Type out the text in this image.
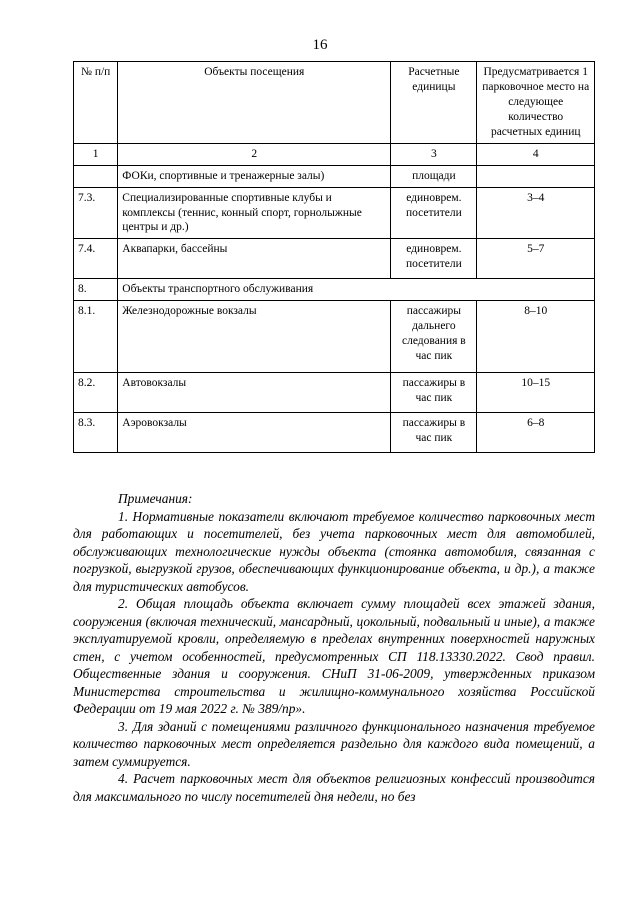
16
№ п/п	Объекты посещения	Расчетные единицы	Предусматривается 1 парковочное место на следующее количество расчетных единиц
1	2	3	4
	ФОКи, спортивные и тренажерные залы)	площади	
7.3.	Специализированные спортивные клубы и комплексы (теннис, конный спорт, горнолыжные центры и др.)	единоврем. посетители	3–4
7.4.	Аквапарки, бассейны	единоврем. посетители	5–7
8.	Объекты транспортного обслуживания		
8.1.	Железнодорожные вокзалы	пассажиры дальнего следования в час пик	8–10
8.2.	Автовокзалы	пассажиры в час пик	10–15
8.3.	Аэровокзалы	пассажиры в час пик	6–8

Примечания:

1. Нормативные показатели включают требуемое количество парковочных мест для работающих и посетителей, без учета парковочных мест для автомобилей, обслуживающих технологические нужды объекта (стоянка автомобиля, связанная с погрузкой, выгрузкой грузов, обеспечивающих функционирование объекта, и др.), а также для туристических автобусов.

2. Общая площадь объекта включает сумму площадей всех этажей здания, сооружения (включая технический, мансардный, цокольный, подвальный и иные), а также эксплуатируемой кровли, определяемую в пределах внутренних поверхностей наружных стен, с учетом особенностей, предусмотренных СП 118.13330.2022. Свод правил. Общественные здания и сооружения. СНиП 31-06-2009, утвержденных приказом Министерства строительства и жилищно-коммунального хозяйства Российской Федерации от 19 мая 2022 г. № 389/пр».

3. Для зданий с помещениями различного функционального назначения требуемое количество парковочных мест определяется раздельно для каждого вида помещений, а затем суммируется.

4. Расчет парковочных мест для объектов религиозных конфессий производится для максимального по числу посетителей дня недели, но без
